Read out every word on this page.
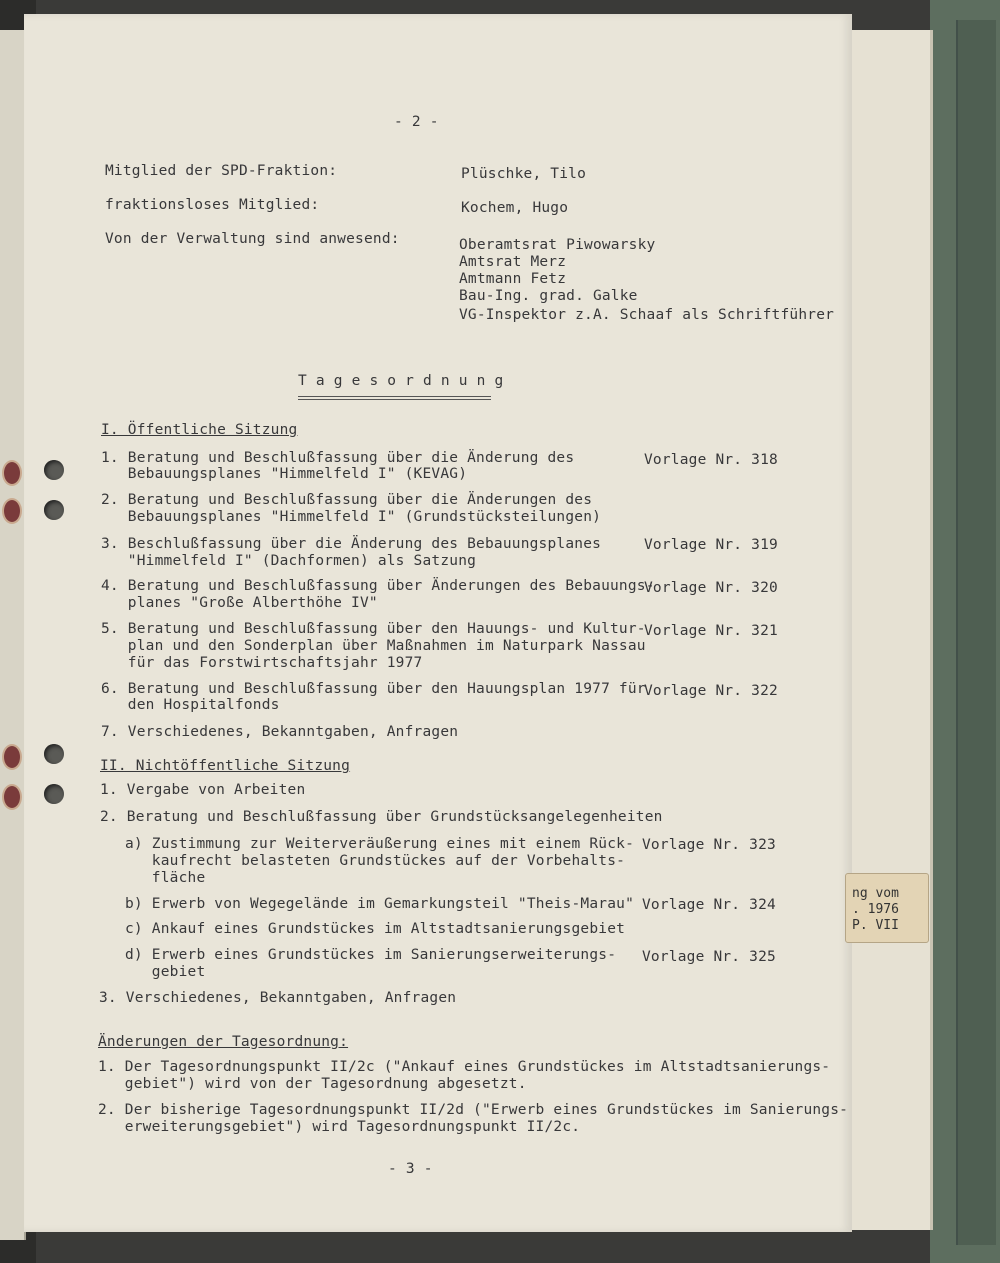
ng vom
. 1976
P. VII
- 2 -
Mitglied der SPD-Fraktion:	Plüschke, Tilo
fraktionsloses Mitglied:	Kochem, Hugo
Von der Verwaltung sind anwesend:	Oberamtsrat Piwowarsky
Amtsrat Merz
Amtmann Fetz
Bau-Ing. grad. Galke
VG-Inspektor z.A. Schaaf als Schriftführer
T a g e s o r d n u n g
I. Öffentliche Sitzung
1. Beratung und Beschlußfassung über die Änderung des
Bebauungsplanes "Himmelfeld I" (KEVAG)
Vorlage Nr. 318
2. Beratung und Beschlußfassung über die Änderungen des
Bebauungsplanes "Himmelfeld I" (Grundstücksteilungen)
3. Beschlußfassung über die Änderung des Bebauungsplanes
"Himmelfeld I" (Dachformen) als Satzung
Vorlage Nr. 319
4. Beratung und Beschlußfassung über Änderungen des Bebauungs-
planes "Große Alberthöhe IV"
Vorlage Nr. 320
5. Beratung und Beschlußfassung über den Hauungs- und Kultur-
plan und den Sonderplan über Maßnahmen im Naturpark Nassau
für das Forstwirtschaftsjahr 1977
Vorlage Nr. 321
6. Beratung und Beschlußfassung über den Hauungsplan 1977 für
den Hospitalfonds
Vorlage Nr. 322
7. Verschiedenes, Bekanntgaben, Anfragen
II. Nichtöffentliche Sitzung
1. Vergabe von Arbeiten
2. Beratung und Beschlußfassung über Grundstücksangelegenheiten
a) Zustimmung zur Weiterveräußerung eines mit einem Rück-
kaufrecht belasteten Grundstückes auf der Vorbehalts-
fläche
Vorlage Nr. 323
b) Erwerb von Wegegelände im Gemarkungsteil "Theis-Marau" Vorlage Nr. 324
c) Ankauf eines Grundstückes im Altstadtsanierungsgebiet
d) Erwerb eines Grundstückes im Sanierungserweiterungs-
gebiet
Vorlage Nr. 325
3. Verschiedenes, Bekanntgaben, Anfragen
Änderungen der Tagesordnung:
1. Der Tagesordnungspunkt II/2c ("Ankauf eines Grundstückes im Altstadtsanierungs-
gebiet") wird von der Tagesordnung abgesetzt.
2. Der bisherige Tagesordnungspunkt II/2d ("Erwerb eines Grundstückes im Sanierungs-
erweiterungsgebiet") wird Tagesordnungspunkt II/2c.
- 3 -
